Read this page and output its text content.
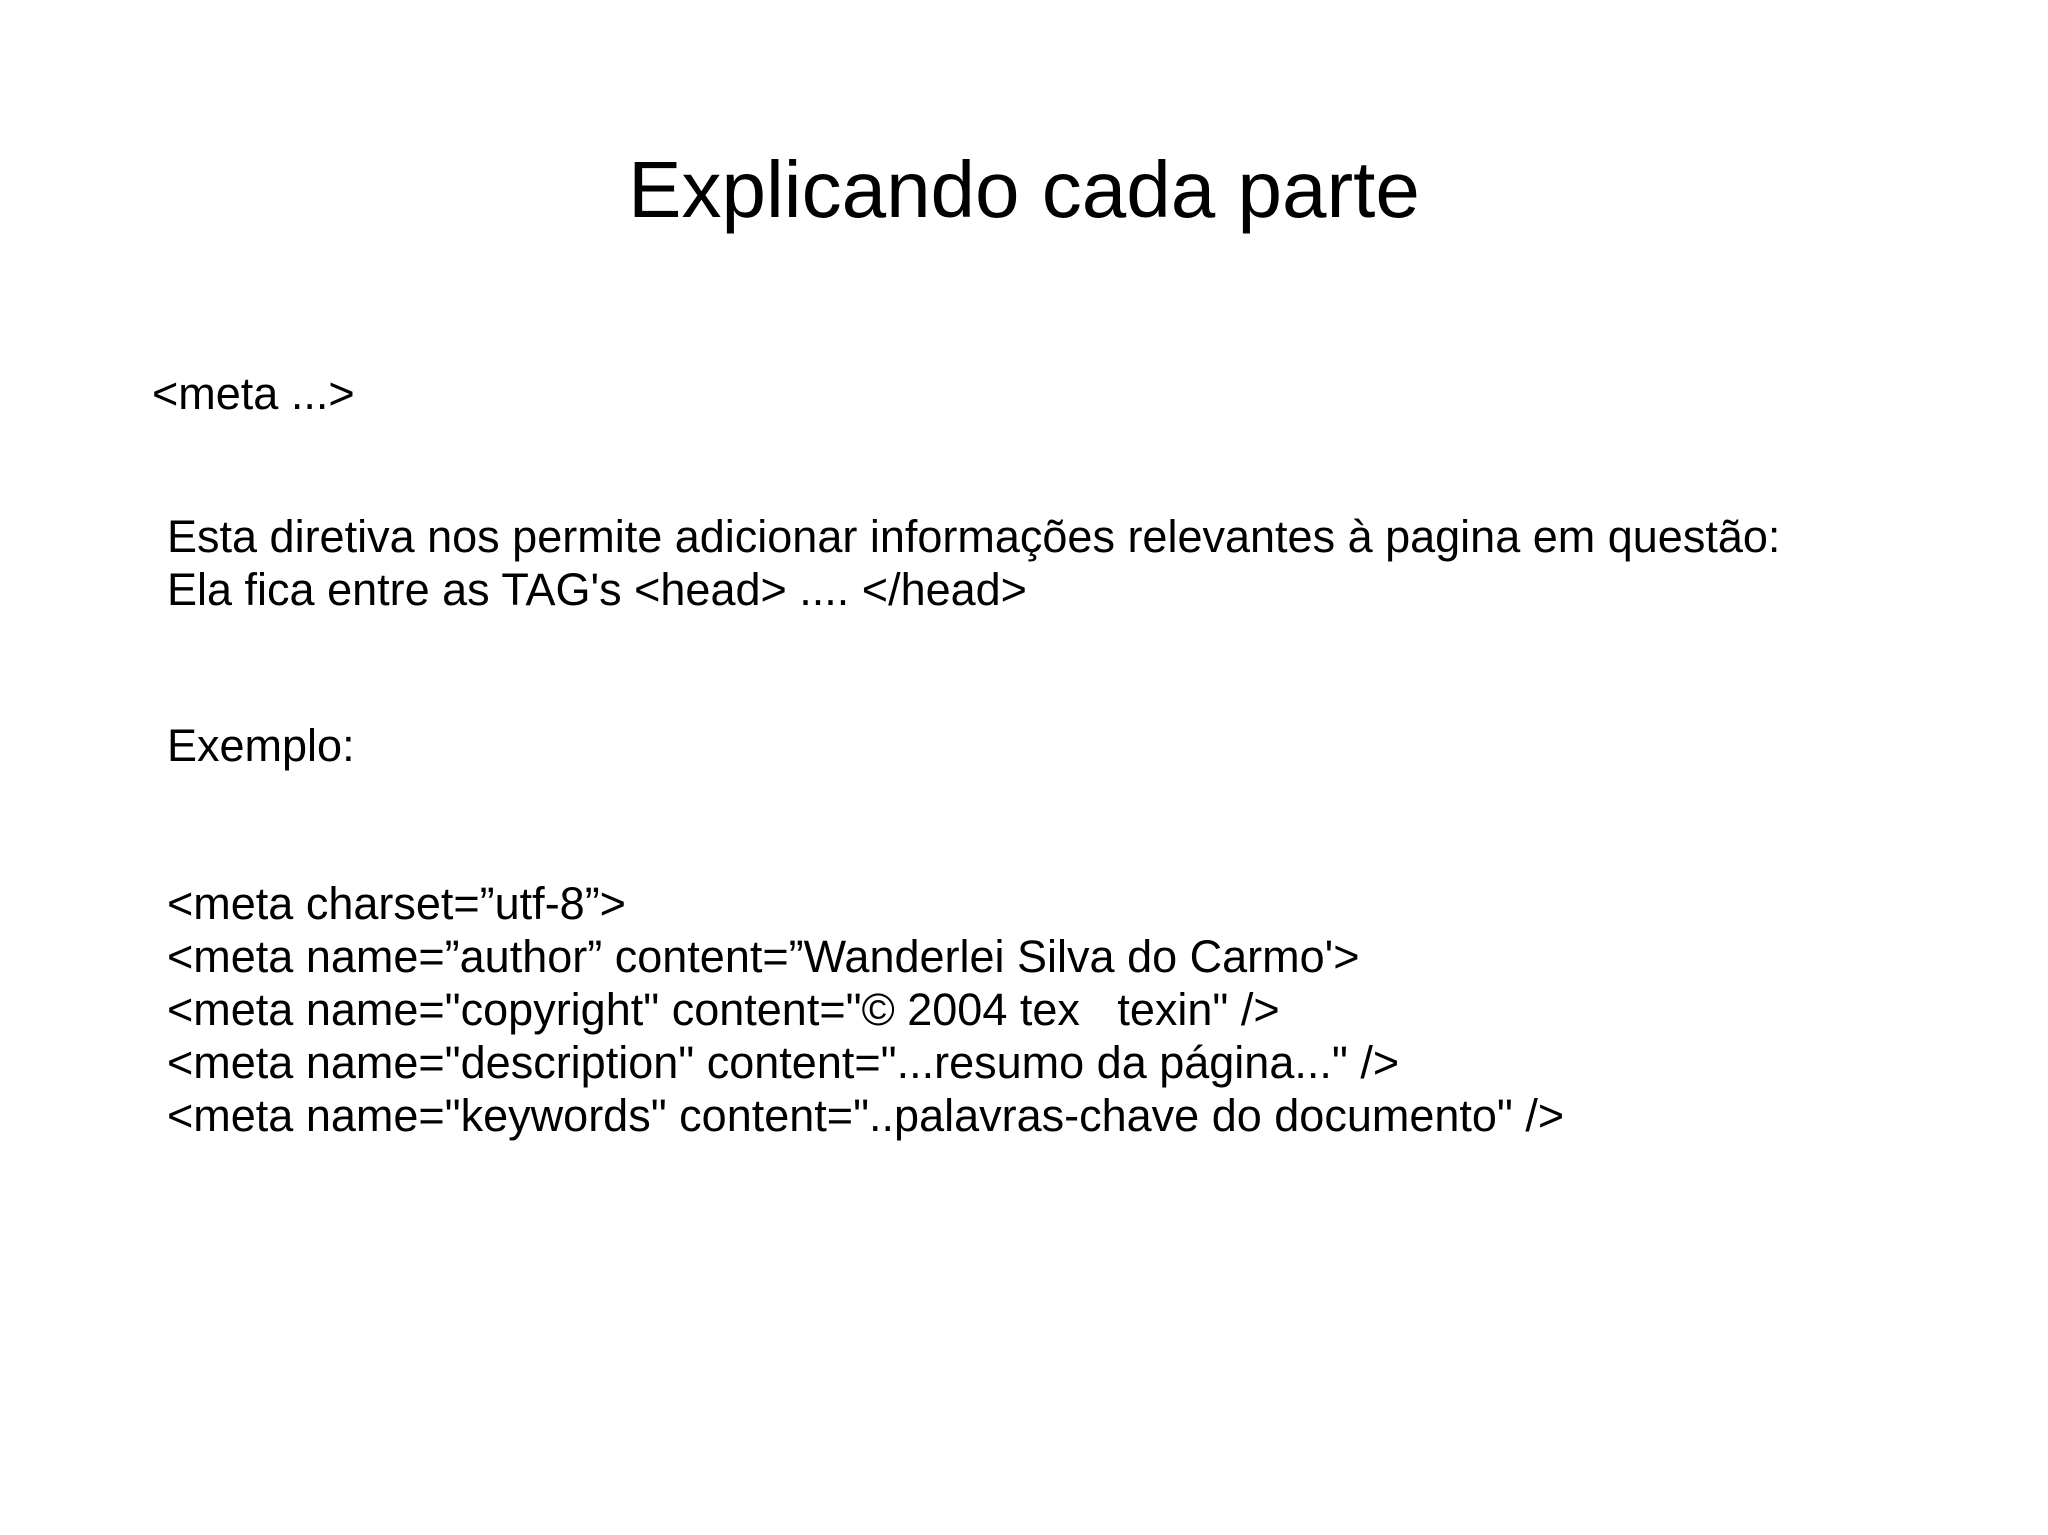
Explicando cada parte

<meta ...>

Esta diretiva nos permite adicionar informações relevantes à pagina em questão:
Ela fica entre as TAG's <head> .... </head>
Exemplo:
<meta charset=”utf-8”>
<meta name=”author” content=”Wanderlei Silva do Carmo'>
<meta name="copyright" content="© 2004 tex   texin" />
<meta name="description" content="...resumo da página..." />
<meta name="keywords" content="..palavras-chave do documento" />
